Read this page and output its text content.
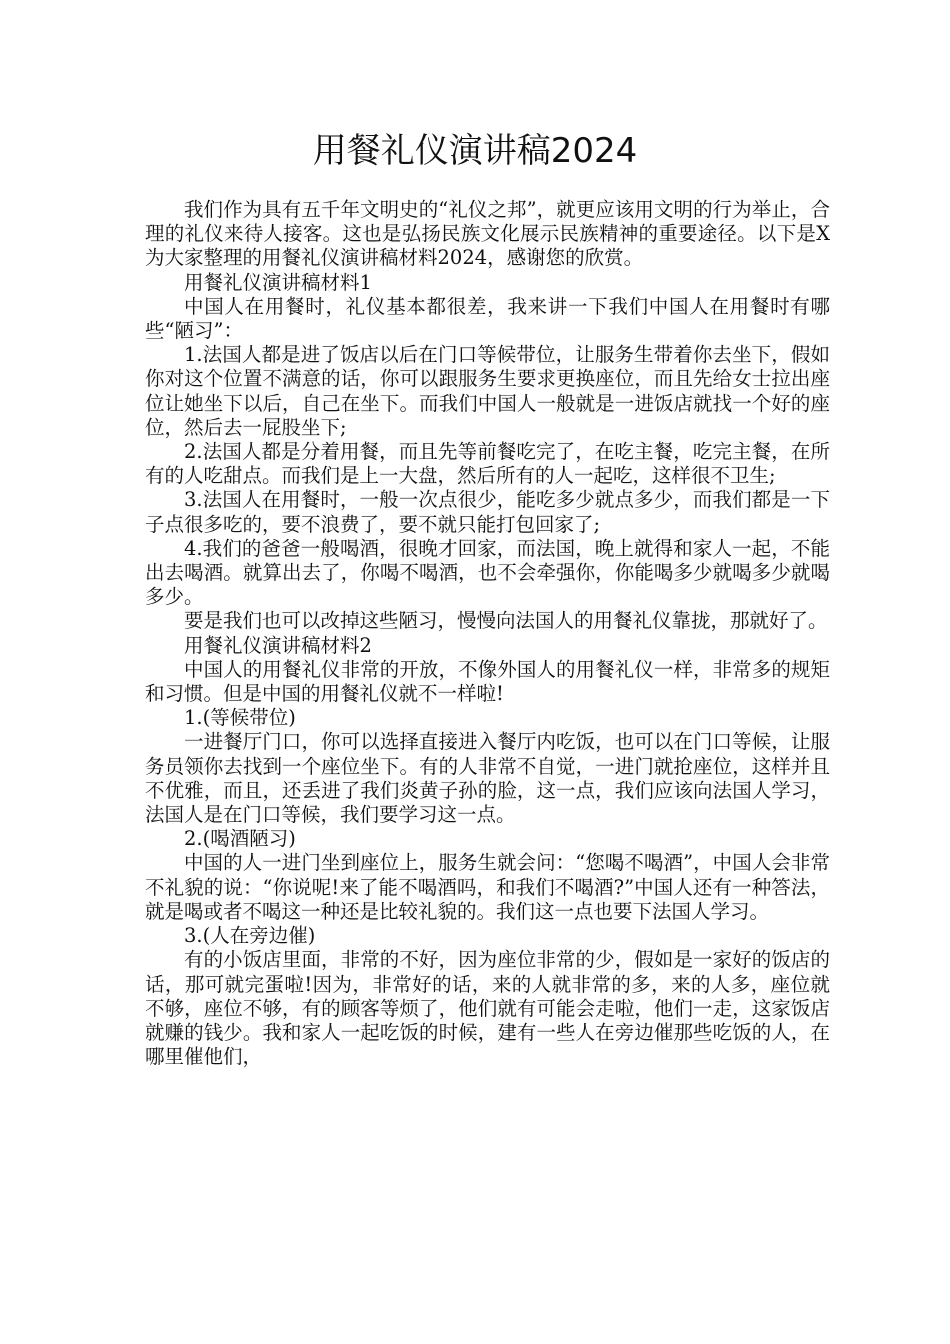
用餐礼仪演讲稿2024

我们作为具有五千年文明史的“礼仪之邦”，就更应该用文明的行为举止，合理的礼仪来待人接客。这也是弘扬民族文化展示民族精神的重要途径。以下是X为大家整理的用餐礼仪演讲稿材料2024，感谢您的欣赏。

用餐礼仪演讲稿材料1

中国人在用餐时，礼仪基本都很差，我来讲一下我们中国人在用餐时有哪些“陋习”：

1.法国人都是进了饭店以后在门口等候带位，让服务生带着你去坐下，假如你对这个位置不满意的话，你可以跟服务生要求更换座位，而且先给女士拉出座位让她坐下以后，自己在坐下。而我们中国人一般就是一进饭店就找一个好的座位，然后去一屁股坐下;

2.法国人都是分着用餐，而且先等前餐吃完了，在吃主餐，吃完主餐，在所有的人吃甜点。而我们是上一大盘，然后所有的人一起吃，这样很不卫生;

3.法国人在用餐时，一般一次点很少，能吃多少就点多少，而我们都是一下子点很多吃的，要不浪费了，要不就只能打包回家了;

4.我们的爸爸一般喝酒，很晚才回家，而法国，晚上就得和家人一起，不能出去喝酒。就算出去了，你喝不喝酒，也不会牵强你，你能喝多少就喝多少就喝多少。

要是我们也可以改掉这些陋习，慢慢向法国人的用餐礼仪靠拢，那就好了。

用餐礼仪演讲稿材料2

中国人的用餐礼仪非常的开放，不像外国人的用餐礼仪一样，非常多的规矩和习惯。但是中国的用餐礼仪就不一样啦!

1.(等候带位)

一进餐厅门口，你可以选择直接进入餐厅内吃饭，也可以在门口等候，让服务员领你去找到一个座位坐下。有的人非常不自觉，一进门就抢座位，这样并且不优雅，而且，还丢进了我们炎黄子孙的脸，这一点，我们应该向法国人学习，法国人是在门口等候，我们要学习这一点。

2.(喝酒陋习)

中国的人一进门坐到座位上，服务生就会问：“您喝不喝酒”，中国人会非常不礼貌的说：“你说呢!来了能不喝酒吗，和我们不喝酒?”中国人还有一种答法，就是喝或者不喝这一种还是比较礼貌的。我们这一点也要下法国人学习。

3.(人在旁边催)

有的小饭店里面，非常的不好，因为座位非常的少，假如是一家好的饭店的话，那可就完蛋啦!因为，非常好的话，来的人就非常的多，来的人多，座位就不够，座位不够，有的顾客等烦了，他们就有可能会走啦，他们一走，这家饭店就赚的钱少。我和家人一起吃饭的时候，建有一些人在旁边催那些吃饭的人，在哪里催他们，
